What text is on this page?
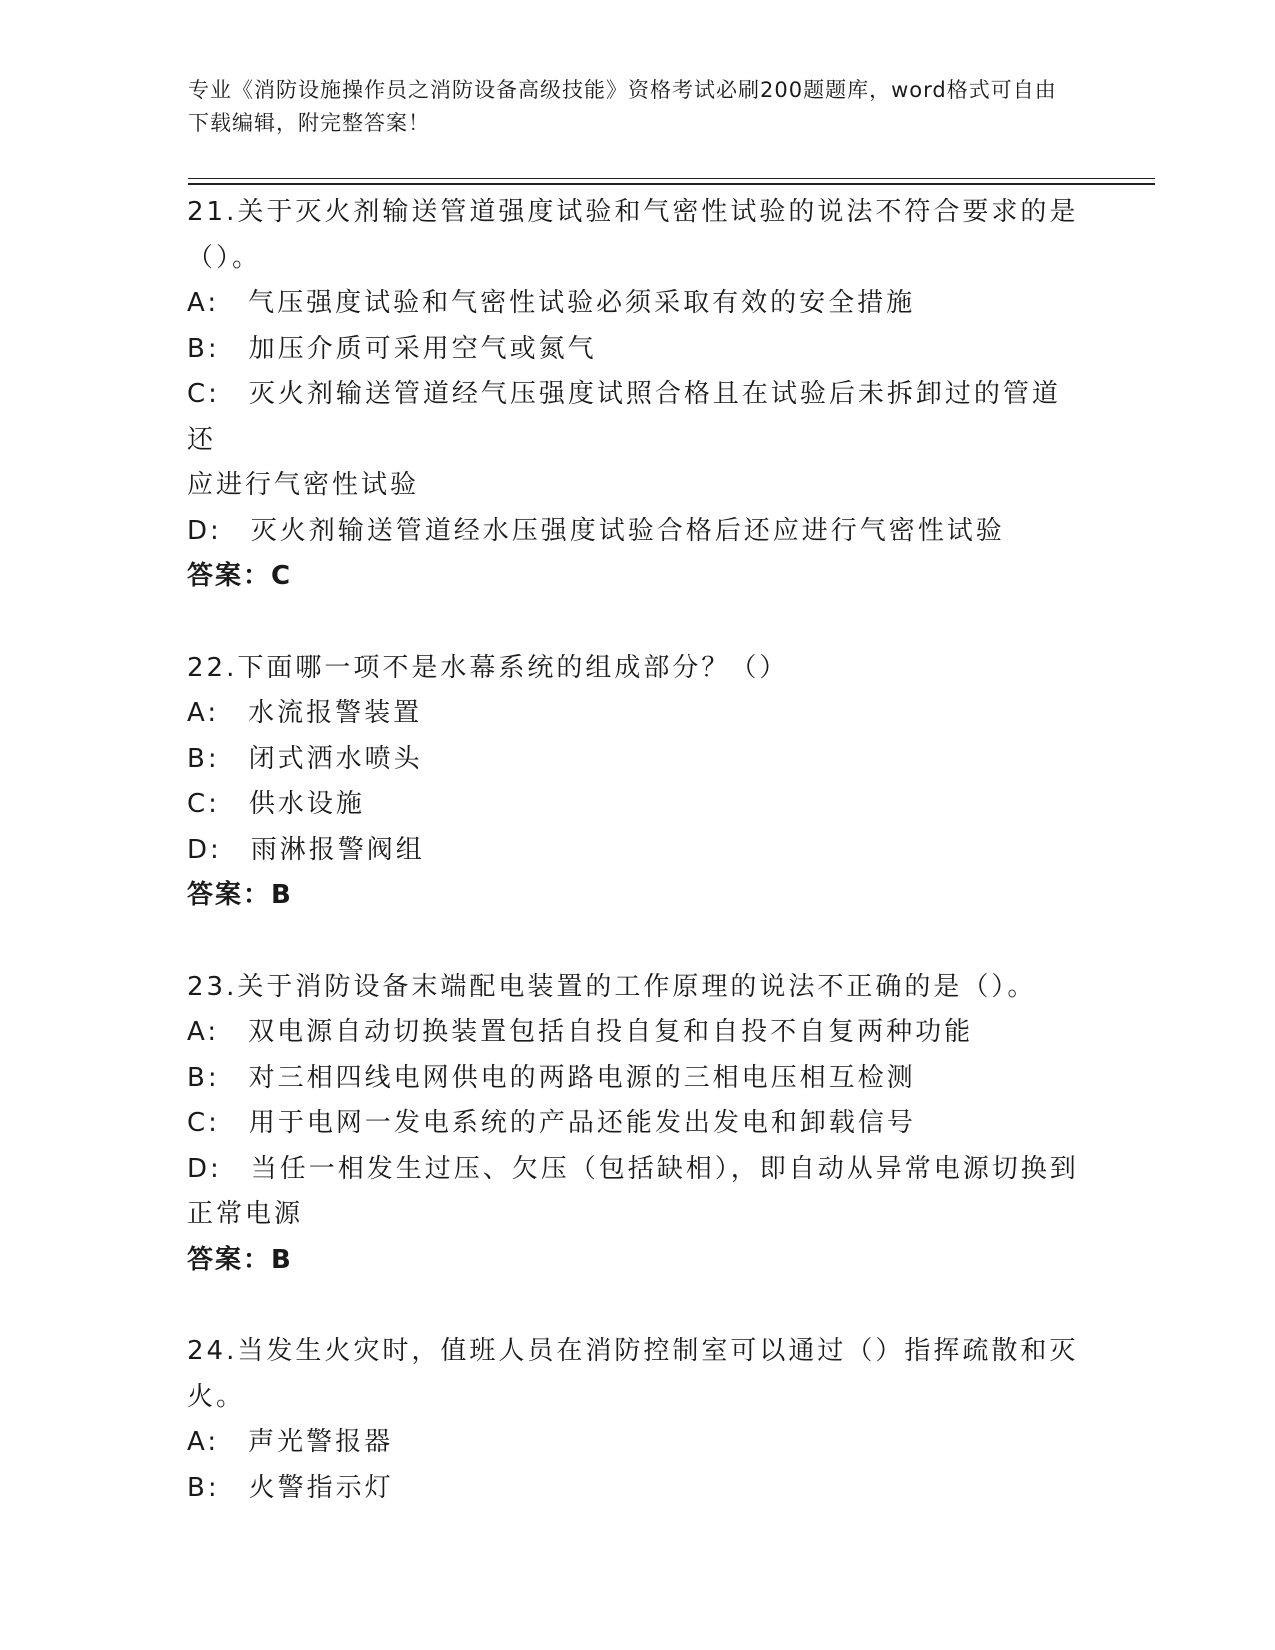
专业《消防设施操作员之消防设备高级技能》资格考试必刷200题题库，word格式可自由下载编辑，附完整答案！

21.关于灭火剂输送管道强度试验和气密性试验的说法不符合要求的是

（）。

A:　气压强度试验和气密性试验必须采取有效的安全措施

B:　加压介质可采用空气或氮气

C:　灭火剂输送管道经气压强度试照合格且在试验后未拆卸过的管道还

应进行气密性试验

D:　灭火剂输送管道经水压强度试验合格后还应进行气密性试验

答案：C

22.下面哪一项不是水幕系统的组成部分？（）

A:　水流报警装置

B:　闭式洒水喷头

C:　供水设施

D:　雨淋报警阀组

答案：B

23.关于消防设备末端配电装置的工作原理的说法不正确的是（）。

A:　双电源自动切换装置包括自投自复和自投不自复两种功能

B:　对三相四线电网供电的两路电源的三相电压相互检测

C:　用于电网一发电系统的产品还能发出发电和卸载信号

D:　当任一相发生过压、欠压（包括缺相），即自动从异常电源切换到

正常电源

答案：B

24.当发生火灾时，值班人员在消防控制室可以通过（）指挥疏散和灭

火。

A:　声光警报器

B:　火警指示灯
